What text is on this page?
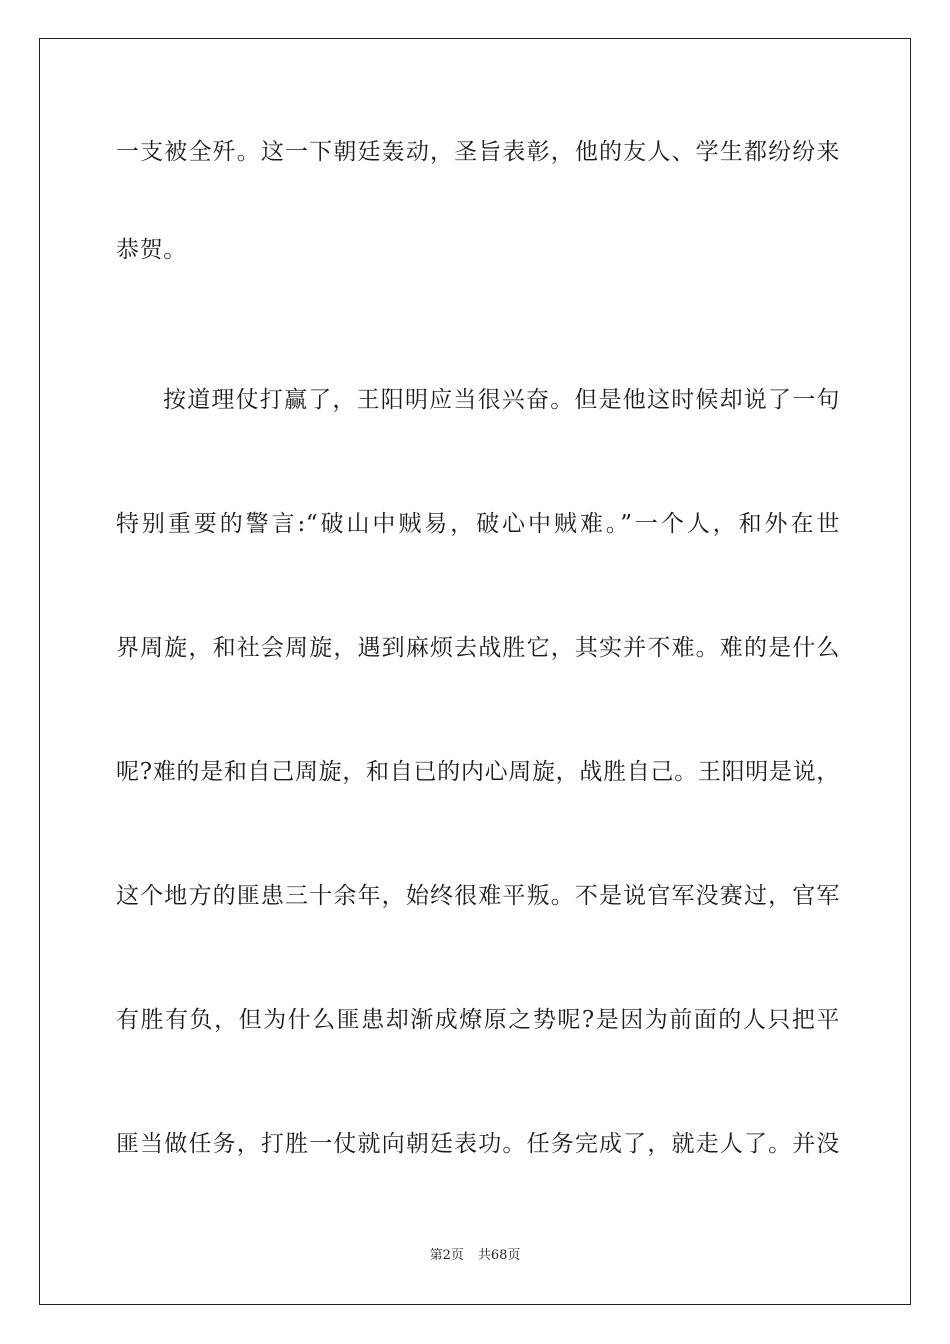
一支被全歼。这一下朝廷轰动，圣旨表彰，他的友人、学生都纷纷来
恭贺。
按道理仗打赢了，王阳明应当很兴奋。但是他这时候却说了一句
特别重要的警言:“破山中贼易，破心中贼难。”一个人，和外在世
界周旋，和社会周旋，遇到麻烦去战胜它，其实并不难。难的是什么
呢?难的是和自己周旋，和自已的内心周旋，战胜自己。王阳明是说，
这个地方的匪患三十余年，始终很难平叛。不是说官军没赛过，官军
有胜有负，但为什么匪患却渐成燎原之势呢?是因为前面的人只把平
匪当做任务，打胜一仗就向朝廷表功。任务完成了，就走人了。并没
第2页 共68页
